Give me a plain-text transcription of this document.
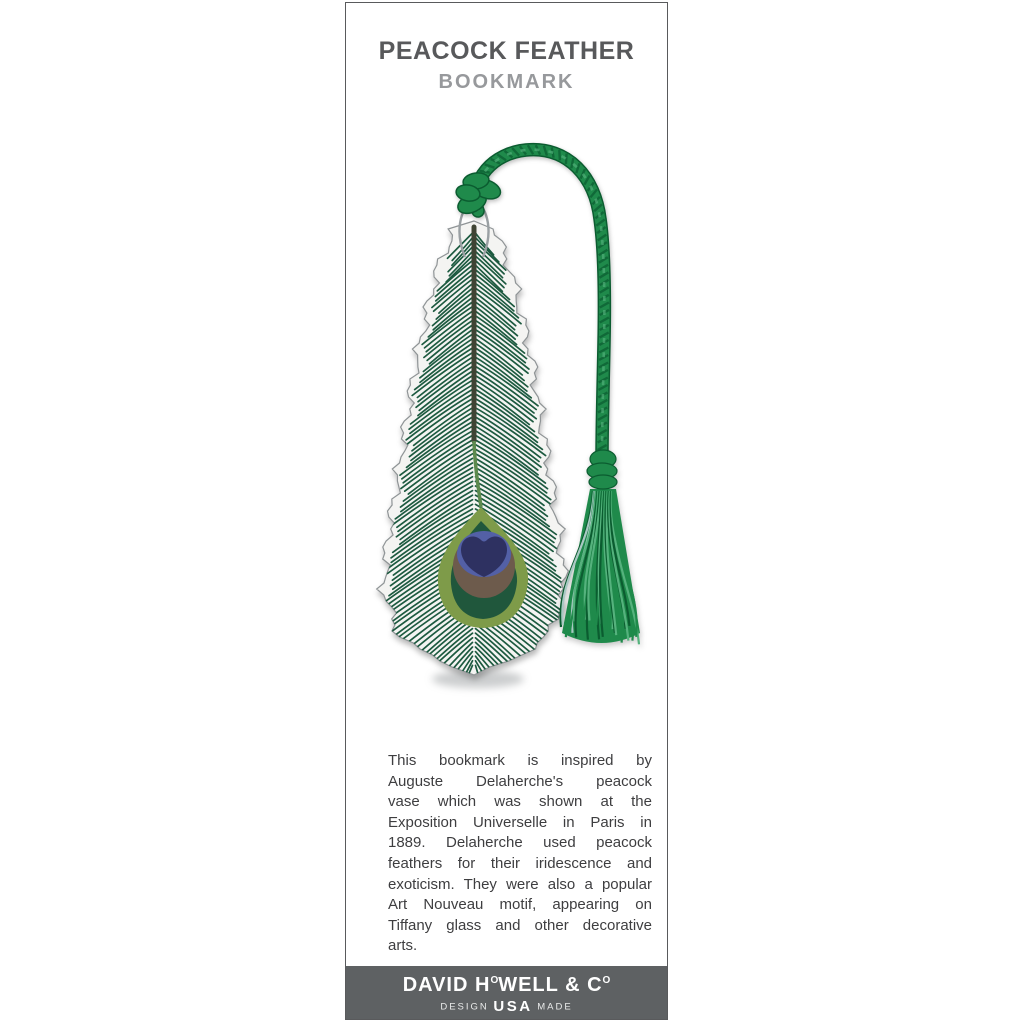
PEACOCK FEATHER
BOOKMARK
This bookmark is inspired by
Auguste Delaherche's peacock
vase which was shown at the
Exposition Universelle in Paris in
1889. Delaherche used peacock
feathers for their iridescence and
exoticism. They were also a popular
Art Nouveau motif, appearing on
Tiffany glass and other decorative
arts.
DAVID $H^OWELL$ & $C^O$
DESIGN USA MADE
